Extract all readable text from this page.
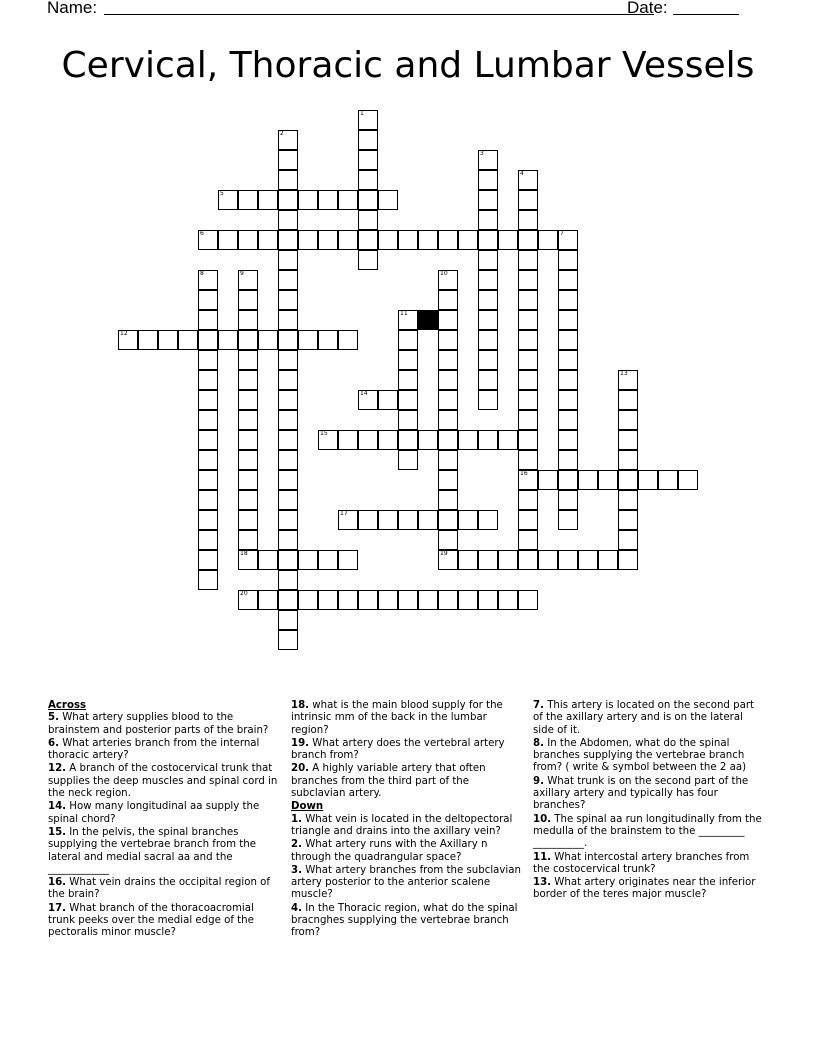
Name:	Date:
Cervical, Thoracic and Lumbar Vessels
1
2
3
4
16
5
6	7
8	9
18
10
19
11
12
13
14
15
17
20
Across
5. What artery supplies blood to the brainstem and posterior parts of the brain?
6. What arteries branch from the internal thoracic artery?
12. A branch of the costocervical trunk that supplies the deep muscles and spinal cord in the neck region.
14. How many longitudinal aa supply the spinal chord?
15. In the pelvis, the spinal branches supplying the vertebrae branch from the lateral and medial sacral aa and the ____________
16. What vein drains the occipital region of the brain?
17. What branch of the thoracoacromial trunk peeks over the medial edge of the pectoralis minor muscle?
18. what is the main blood supply for the intrinsic mm of the back in the lumbar region?
19. What artery does the vertebral artery branch from?
20. A highly variable artery that often branches from the third part of the subclavian artery.
Down
1. What vein is located in the deltopectoral triangle and drains into the axillary vein?
2. What artery runs with the Axillary n through the quadrangular space?
3. What artery branches from the subclavian artery posterior to the anterior scalene muscle?
4. In the Thoracic region, what do the spinal bracnghes supplying the vertebrae branch from?
7. This artery is located on the second part of the axillary artery and is on the lateral side of it.
8. In the Abdomen, what do the spinal branches supplying the vertebrae branch from? ( write & symbol between the 2 aa)
9. What trunk is on the second part of the axillary artery and typically has four branches?
10. The spinal aa run longitudinally from the medulla of the brainstem to the _________ __________.
11. What intercostal artery branches from the costocervical trunk?
13. What artery originates near the inferior border of the teres major muscle?
